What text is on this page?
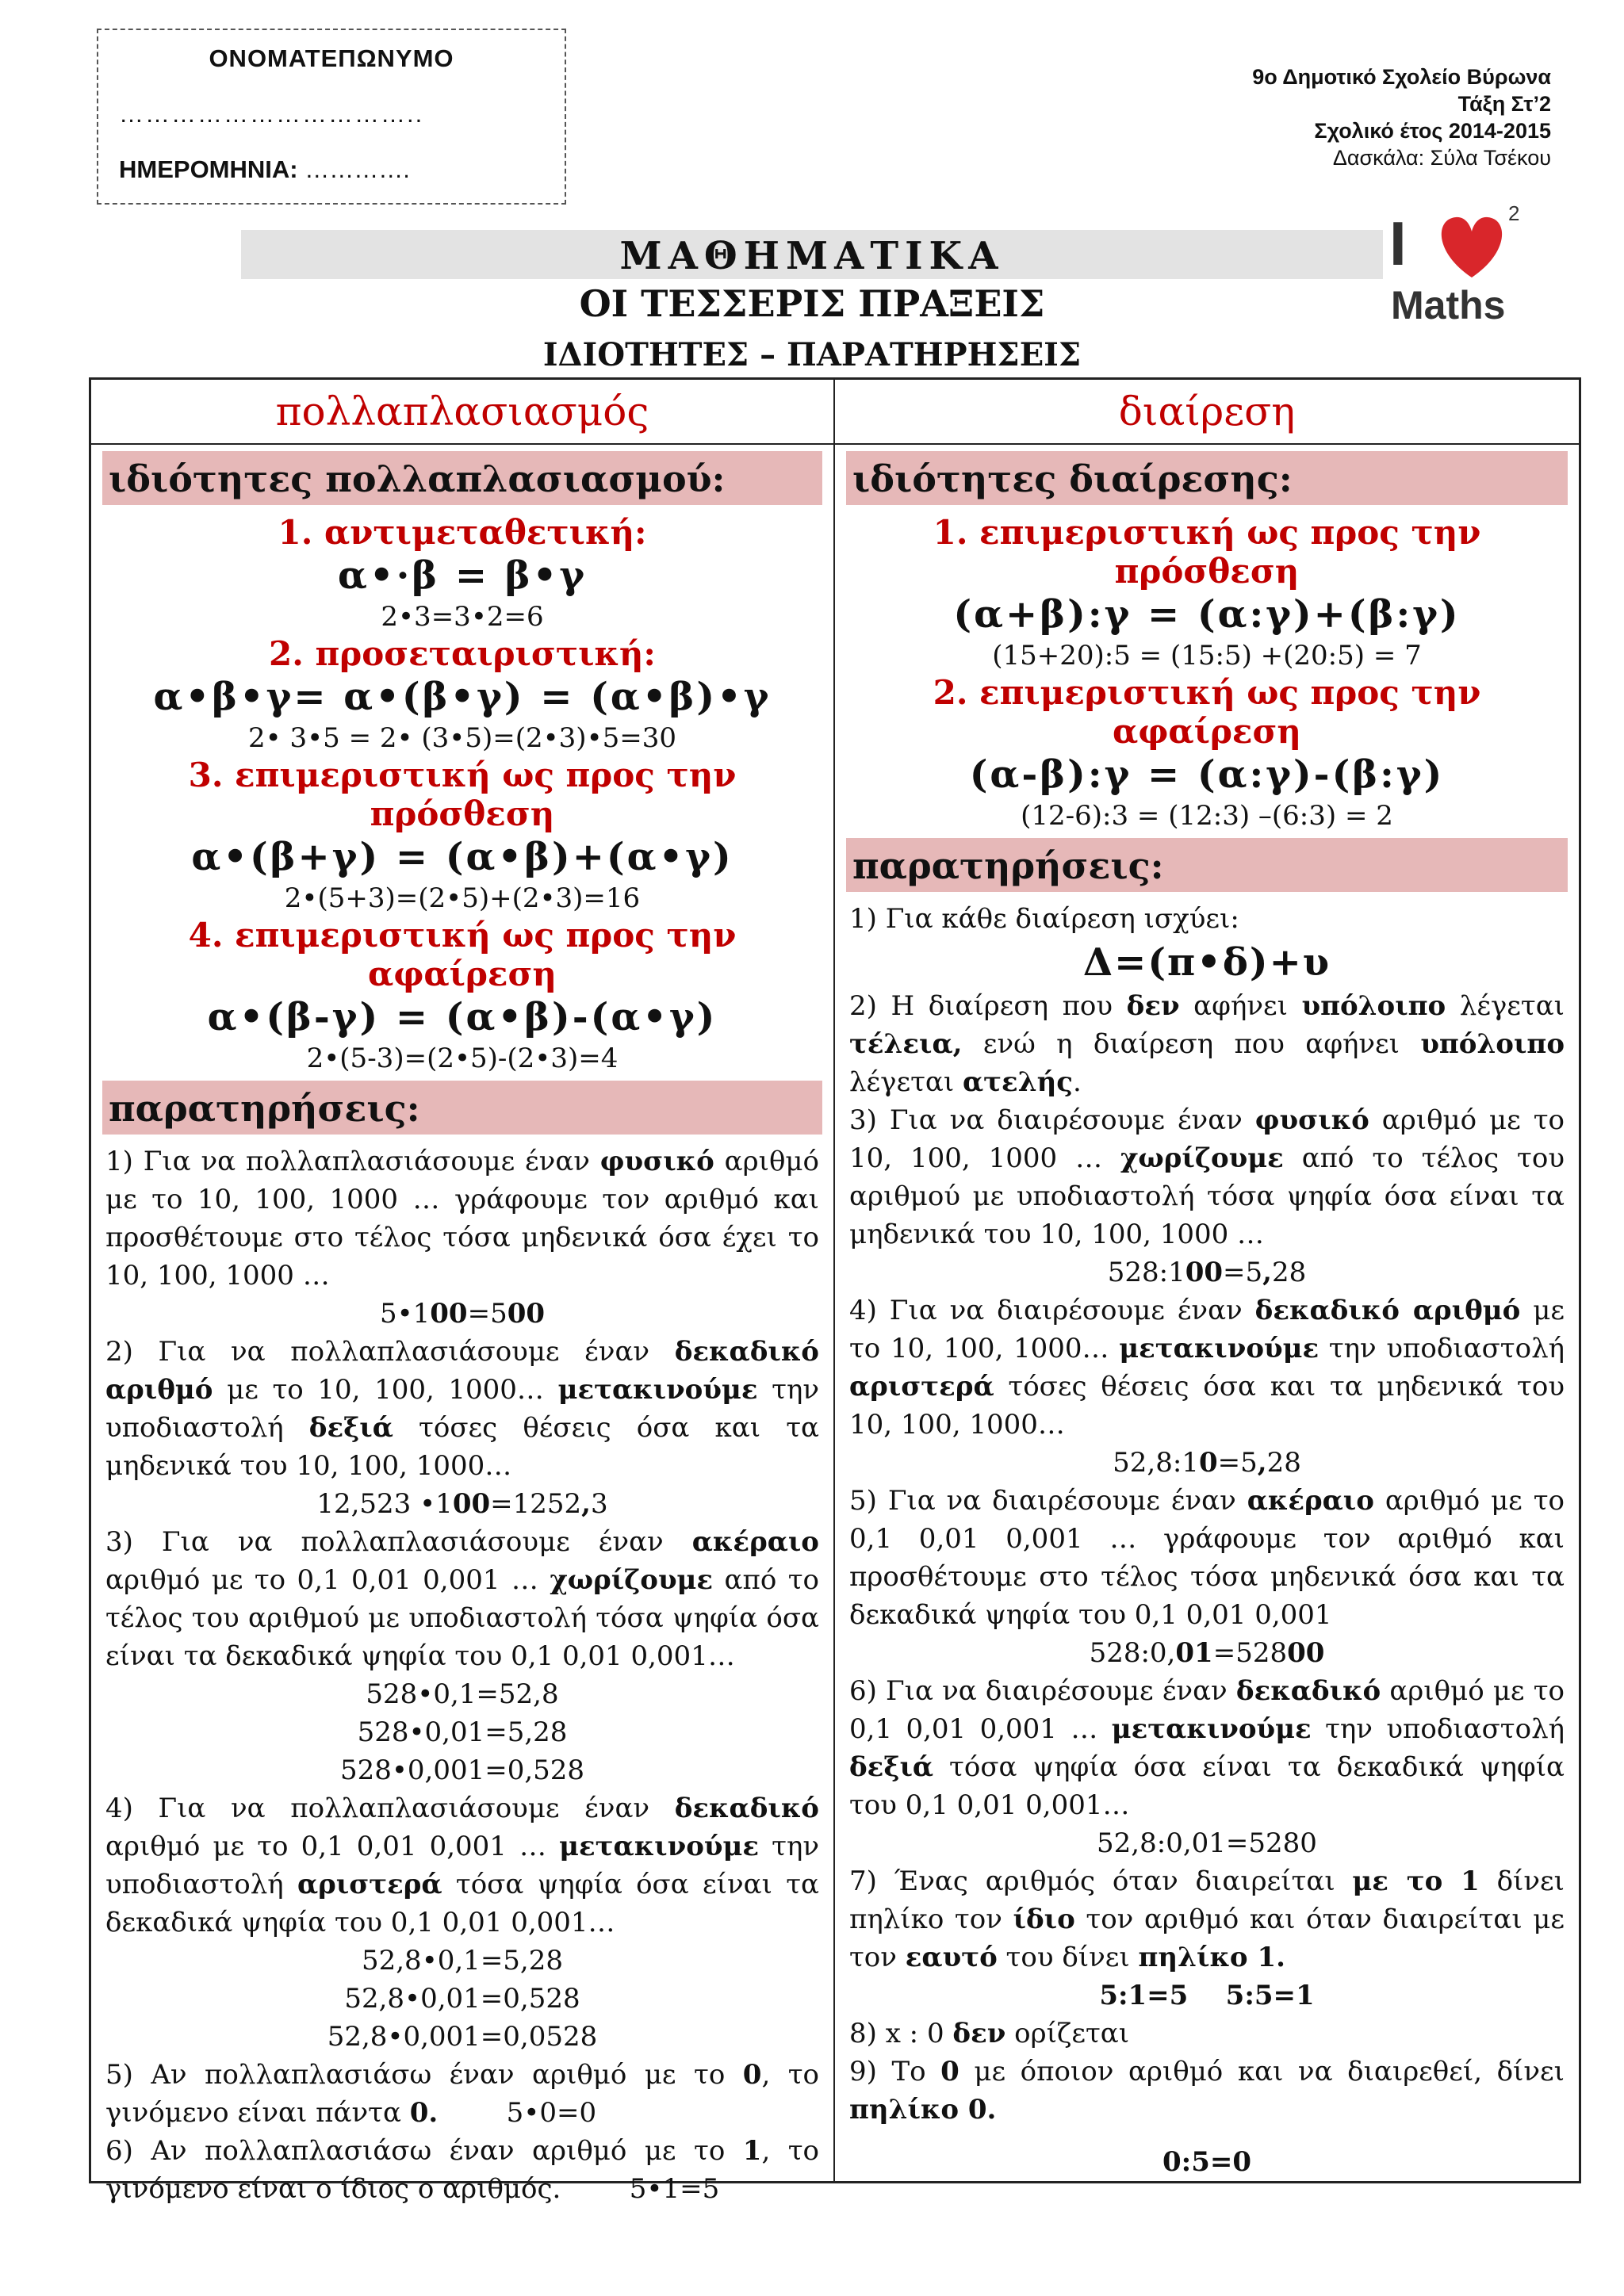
ΟΝΟΜΑΤΕΠΩΝΥΜΟ
……………………………..
ΗΜΕΡΟΜΗΝΙΑ: ………….
9ο Δημοτικό Σχολείο Βύρωνα
Τάξη Στ’2
Σχολικό έτος 2014-2015
Δασκάλα: Σύλα Τσέκου
ΜΑΘΗΜΑΤΙΚΑ
ΟΙ ΤΕΣΣΕΡΙΣ ΠΡΑΞΕΙΣ
ΙΔΙΟΤΗΤΕΣ – ΠΑΡΑΤΗΡΗΣΕΙΣ
I	2
Maths
πολλαπλασιασμός
ιδιότητες πολλαπλασιασμού:
1. αντιμεταθετική:
α•·β = β•γ
2•3=3•2=6
2. προσεταιριστική:
α•β•γ= α•(β•γ) = (α•β)•γ
2• 3•5 = 2• (3•5)=(2•3)•5=30
3. επιμεριστική ως προς την πρόσθεση
α•(β+γ) = (α•β)+(α•γ)
2•(5+3)=(2•5)+(2•3)=16
4. επιμεριστική ως προς την αφαίρεση
α•(β-γ) = (α•β)-(α•γ)
2•(5-3)=(2•5)-(2•3)=4
παρατηρήσεις:
1) Για να πολλαπλασιάσουμε έναν φυσικό αριθμό με το 10, 100, 1000 … γράφουμε τον αριθμό και προσθέτουμε στο τέλος τόσα μηδενικά όσα έχει το 10, 100, 1000 …
5•100=500
2) Για να πολλαπλασιάσουμε έναν δεκαδικό αριθμό με το 10, 100, 1000… μετακινούμε την υποδιαστολή δεξιά τόσες θέσεις όσα και τα μηδενικά του 10, 100, 1000…
12,523 •100=1252,3
3) Για να πολλαπλασιάσουμε έναν ακέραιο αριθμό με το 0,1 0,01 0,001 … χωρίζουμε από το τέλος του αριθμού με υποδιαστολή τόσα ψηφία όσα είναι τα δεκαδικά ψηφία του 0,1 0,01 0,001…
528•0,1=52,8
528•0,01=5,28
528•0,001=0,528
4) Για να πολλαπλασιάσουμε έναν δεκαδικό αριθμό με το 0,1 0,01 0,001 … μετακινούμε την υποδιαστολή αριστερά τόσα ψηφία όσα είναι τα δεκαδικά ψηφία του 0,1 0,01 0,001…
52,8•0,1=5,28
52,8•0,01=0,528
52,8•0,001=0,0528
5) Αν πολλαπλασιάσω έναν αριθμό με το 0, το γινόμενο είναι πάντα 0.        5•0=0
6) Αν πολλαπλασιάσω έναν αριθμό με το 1, το γινόμενο είναι ο ίδιος ο αριθμός.        5•1=5
διαίρεση
ιδιότητες διαίρεσης:
1. επιμεριστική ως προς την πρόσθεση
(α+β):γ = (α:γ)+(β:γ)
(15+20):5 = (15:5) +(20:5) = 7
2. επιμεριστική ως προς την αφαίρεση
(α-β):γ = (α:γ)-(β:γ)
(12-6):3 = (12:3) –(6:3) = 2
παρατηρήσεις:
1) Για κάθε διαίρεση ισχύει:
Δ=(π•δ)+υ
2) Η διαίρεση που δεν αφήνει υπόλοιπο λέγεται τέλεια, ενώ η διαίρεση που αφήνει υπόλοιπο λέγεται ατελής.
3) Για να διαιρέσουμε έναν φυσικό αριθμό με το 10, 100, 1000 … χωρίζουμε από το τέλος του αριθμού με υποδιαστολή τόσα ψηφία όσα είναι τα μηδενικά του 10, 100, 1000 …
528:100=5,28
4) Για να διαιρέσουμε έναν δεκαδικό αριθμό με το 10, 100, 1000… μετακινούμε την υποδιαστολή αριστερά τόσες θέσεις όσα και τα μηδενικά του 10, 100, 1000…
52,8:10=5,28
5) Για να διαιρέσουμε έναν ακέραιο αριθμό με το 0,1 0,01 0,001 … γράφουμε τον αριθμό και προσθέτουμε στο τέλος τόσα μηδενικά όσα και τα δεκαδικά ψηφία του 0,1 0,01 0,001
528:0,01=52800
6) Για να διαιρέσουμε έναν δεκαδικό αριθμό με το 0,1 0,01 0,001 … μετακινούμε την υποδιαστολή δεξιά τόσα ψηφία όσα είναι τα δεκαδικά ψηφία του 0,1 0,01 0,001…
52,8:0,01=5280
7) Ένας αριθμός όταν διαιρείται με το 1 δίνει πηλίκο τον ίδιο τον αριθμό και όταν διαιρείται με τον εαυτό του δίνει πηλίκο 1.
5:1=5    5:5=1
8) x : 0 δεν ορίζεται
9) Το 0 με όποιον αριθμό και να διαιρεθεί, δίνει πηλίκο 0.
0:5=0
